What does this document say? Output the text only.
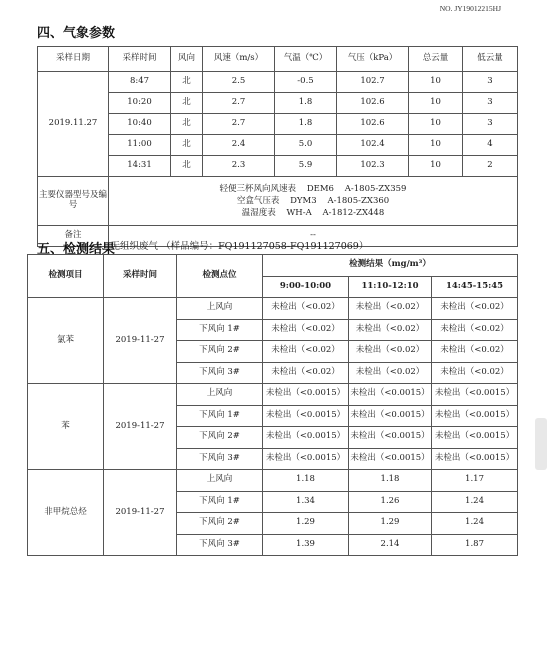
NO. JY19012215HJ
四、气象参数
采样日期	采样时间	风向	风速（m/s）	气温（℃）	气压（kPa）	总云量	低云量
2019.11.27	8:47	北	2.5	-0.5	102.7	10	3
	10:20	北	2.7	1.8	102.6	10	3
	10:40	北	2.7	1.8	102.6	10	3
	11:00	北	2.4	5.0	102.4	10	4
	14:31	北	2.3	5.9	102.3	10	2
主要仪器型号及编号	轻便三杯风向风速表    DEM6    A-1805-ZX359
空盒气压表    DYM3    A-1805-ZX360
温湿度表    WH-A    A-1812-ZX448						

备注	--						
五、检测结果
1、无组织废气 （样品编号：FQ191127058-FQ191127069）
检测项目	采样时间	检测点位	检测结果（mg/m³）		
			9:00-10:00	11:10-12:10	14:45-15:45
氯苯	2019-11-27	上风向	未检出（<0.02）	未检出（<0.02）	未检出（<0.02）
		下风向 1#	未检出（<0.02）	未检出（<0.02）	未检出（<0.02）
		下风向 2#	未检出（<0.02）	未检出（<0.02）	未检出（<0.02）
		下风向 3#	未检出（<0.02）	未检出（<0.02）	未检出（<0.02）
苯	2019-11-27	上风向	未检出（<0.0015）	未检出（<0.0015）	未检出（<0.0015）
		下风向 1#	未检出（<0.0015）	未检出（<0.0015）	未检出（<0.0015）
		下风向 2#	未检出（<0.0015）	未检出（<0.0015）	未检出（<0.0015）
		下风向 3#	未检出（<0.0015）	未检出（<0.0015）	未检出（<0.0015）
非甲烷总烃	2019-11-27	上风向	1.18	1.18	1.17
		下风向 1#	1.34	1.26	1.24
		下风向 2#	1.29	1.29	1.24
		下风向 3#	1.39	2.14	1.87
